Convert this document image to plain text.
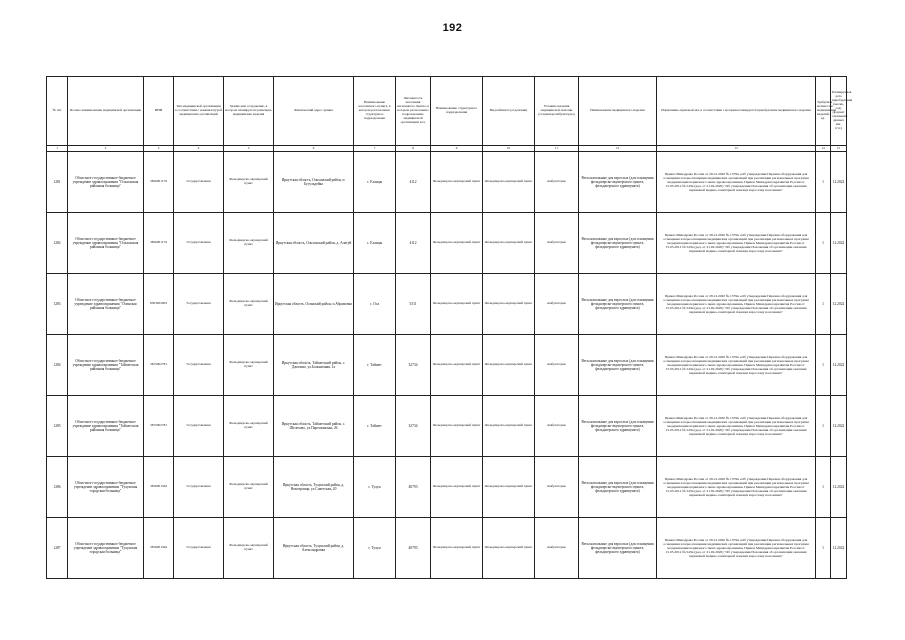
192
№ п/п	Полное наименование медицинской организации	ИНН	Тип медицинской организации в соответствии с номенклатурой медицинских организаций	Здание или сооружение, в котором планируется размещать медицинские изделия	Фактический адрес здания	Наименование населенного пункта, в котором расположено структурное подразделение	Численность населения населенного пункта, в котором расположено подразделение медицинской организации чел.	Наименование структурного подразделения	Вид кабинета (отделения)	Условия оказания медицинской помощи (стационар/амбулаторно)	Наименование медицинского изделия	Нормативно-правовой акт, в соответствии с которым планируется приобретение медицинского изделия	Требуемое количество медицинских изделий, ед.	Планируемая дата приобретения (месяц, год) (формат отражения данных мм. гггг.)
1	2	3	4	5	6	7	8	9	10	11	12	13	14	15
1281	Областное государственное бюджетное учреждение здравоохранения "Ольхонская районная больница"	3826001179	Государственная	Фельдшерско-акушерский пункт	Иркутская область, Ольхонский район, п. Бугульдейка	с. Еланцы	4112	Фельдшерско-акушерский пункт	Фельдшерско-акушерский пункт	Амбулаторно	Весы напольные для взрослых (для оснащения фельдшерско-акушерского пункта, фельдшерского здравпункта)	Приказ Минздрава России от 28.12.2020 № 1379н «Об утверждении Перечня оборудования для оснащения и переоснащения медицинских организаций при реализации региональных программ модернизации первичного звена здравоохранения» Приказ Минздравсоцразвития России от 15.05.2012 № 543н (ред. от 21.02.2020) "Об утверждении Положения об организации оказания первичной медико-санитарной помощи взрослому населению"	1	12.2022
1282	Областное государственное бюджетное учреждение здравоохранения "Ольхонская районная больница"	3826001179	Государственная	Фельдшерско-акушерский пункт	Иркутская область, Ольхонский район, д. Алагуй	с. Еланцы	4112	Фельдшерско-акушерский пункт	Фельдшерско-акушерский пункт	Амбулаторно	Весы напольные для взрослых (для оснащения фельдшерско-акушерского пункта, фельдшерского здравпункта)	Приказ Минздрава России от 28.12.2020 № 1379н «Об утверждении Перечня оборудования для оснащения и переоснащения медицинских организаций при реализации региональных программ модернизации первичного звена здравоохранения» Приказ Минздравсоцразвития России от 15.05.2012 № 543н (ред. от 21.02.2020) "Об утверждении Положения об организации оказания первичной медико-санитарной помощи взрослому населению"	1	12.2022
1283	Областное государственное бюджетное учреждение здравоохранения "Осинская районная больница"	8503002903	Государственная	Фельдшерско-акушерский пункт	Иркутская область, Осинский район, п.Абрамовка	с. Оса	5311	Фельдшерско-акушерский пункт	Фельдшерско-акушерский пункт	Амбулаторно	Весы напольные для взрослых (для оснащения фельдшерско-акушерского пункта, фельдшерского здравпункта)	Приказ Минздрава России от 28.12.2020 № 1379н «Об утверждении Перечня оборудования для оснащения и переоснащения медицинских организаций при реализации региональных программ модернизации первичного звена здравоохранения» Приказ Минздравсоцразвития России от 15.05.2012 № 543н (ред. от 21.02.2020) "Об утверждении Положения об организации оказания первичной медико-санитарной помощи взрослому населению"	1	12.2022
1284	Областное государственное бюджетное учреждение здравоохранения "Тайшетская районная больница"	3815002781	Государственная	Фельдшерско-акушерский пункт	Иркутская область, Тайшетский район, с. Джогино, ул.Больничная, 1а	г. Тайшет	32734	Фельдшерско-акушерский пункт	Фельдшерско-акушерский пункт	Амбулаторно	Весы напольные для взрослых (для оснащения фельдшерско-акушерского пункта, фельдшерского здравпункта)	Приказ Минздрава России от 28.12.2020 № 1379н «Об утверждении Перечня оборудования для оснащения и переоснащения медицинских организаций при реализации региональных программ модернизации первичного звена здравоохранения» Приказ Минздравсоцразвития России от 15.05.2012 № 543н (ред. от 21.02.2020) "Об утверждении Положения об организации оказания первичной медико-санитарной помощи взрослому населению"	1	12.2022
1285	Областное государственное бюджетное учреждение здравоохранения "Тайшетская районная больница"	3815002781	Государственная	Фельдшерско-акушерский пункт	Иркутская область, Тайшетский район, с. Шелехово, ул.Партизанская, 26	г. Тайшет	32734	Фельдшерско-акушерский пункт	Фельдшерско-акушерский пункт	Амбулаторно	Весы напольные для взрослых (для оснащения фельдшерско-акушерского пункта, фельдшерского здравпункта)	Приказ Минздрава России от 28.12.2020 № 1379н «Об утверждении Перечня оборудования для оснащения и переоснащения медицинских организаций при реализации региональных программ модернизации первичного звена здравоохранения» Приказ Минздравсоцразвития России от 15.05.2012 № 543н (ред. от 21.02.2020) "Об утверждении Положения об организации оказания первичной медико-санитарной помощи взрослому населению"	1	12.2022
1286	Областное государственное бюджетное учреждение здравоохранения "Тулунская городская больница"	3816001364	Государственная	Фельдшерско-акушерский пункт	Иркутская область, Тулунский район, д. Новотроицк, ул.Советская, 20	г. Тулун	40793	Фельдшерско-акушерский пункт	Фельдшерско-акушерский пункт	Амбулаторно	Весы напольные для взрослых (для оснащения фельдшерско-акушерского пункта, фельдшерского здравпункта)	Приказ Минздрава России от 28.12.2020 № 1379н «Об утверждении Перечня оборудования для оснащения и переоснащения медицинских организаций при реализации региональных программ модернизации первичного звена здравоохранения» Приказ Минздравсоцразвития России от 15.05.2012 № 543н (ред. от 21.02.2020) "Об утверждении Положения об организации оказания первичной медико-санитарной помощи взрослому населению"	1	12.2022
1287	Областное государственное бюджетное учреждение здравоохранения "Тулунская городская больница"	3816001364	Государственная	Фельдшерско-акушерский пункт	Иркутская область, Тулунский район, д. Александровка	г. Тулун	40793	Фельдшерско-акушерский пункт	Фельдшерско-акушерский пункт	Амбулаторно	Весы напольные для взрослых (для оснащения фельдшерско-акушерского пункта, фельдшерского здравпункта)	Приказ Минздрава России от 28.12.2020 № 1379н «Об утверждении Перечня оборудования для оснащения и переоснащения медицинских организаций при реализации региональных программ модернизации первичного звена здравоохранения» Приказ Минздравсоцразвития России от 15.05.2012 № 543н (ред. от 21.02.2020) "Об утверждении Положения об организации оказания первичной медико-санитарной помощи взрослому населению"	1	12.2022
